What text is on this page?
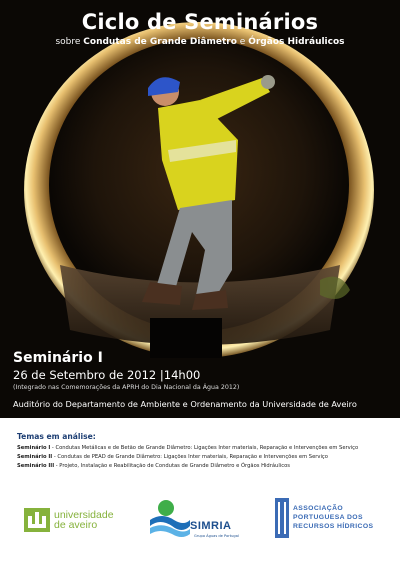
Ciclo de Seminários
sobre Condutas de Grande Diâmetro e Órgãos Hidráulicos
Seminário I
26 de Setembro de 2012 |14h00
(Integrado nas Comemorações da APRH do Dia Nacional da Água 2012)
Auditório do Departamento de Ambiente e Ordenamento da Universidade de Aveiro
Temas em análise:
Seminário I - Condutas Metálicas e de Betão de Grande Diâmetro: Ligações Inter materiais, Reparação e Intervenções em Serviço
Seminário II - Condutas de PEAD de Grande Diâmetro: Ligações Inter materiais, Reparação e Intervenções em Serviço
Seminário III - Projeto, Instalação e Reabilitação de Condutas de Grande Diâmetro e Órgãos Hidráulicos
universidade
de aveiro	SIMRIA
Grupo Águas de Portugal
ASSOCIAÇÃO
PORTUGUESA DOS
RECURSOS HÍDRICOS
